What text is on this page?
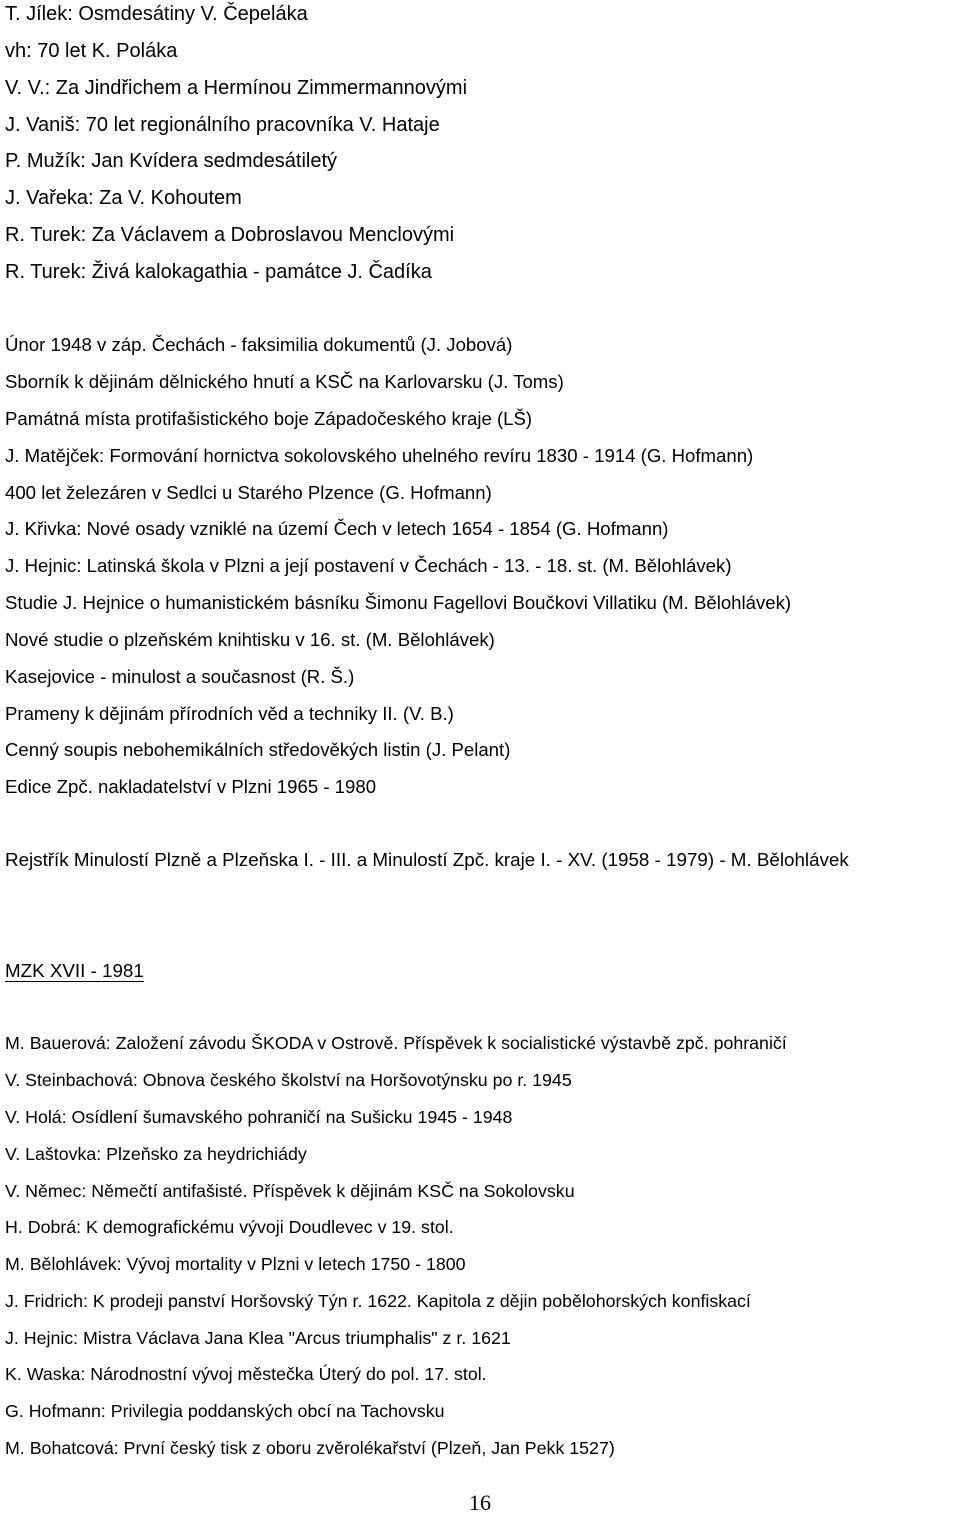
T. Jílek: Osmdesátiny V. Čepeláka
vh: 70 let K. Poláka
V. V.: Za Jindřichem a Hermínou Zimmermannovými
J. Vaniš: 70 let regionálního pracovníka V. Hataje
P. Mužík: Jan Kvídera sedmdesátiletý
J. Vařeka: Za V. Kohoutem
R. Turek: Za Václavem a Dobroslavou Menclovými
R. Turek: Živá kalokagathia - památce J. Čadíka
Únor 1948 v záp. Čechách - faksimilia dokumentů (J. Jobová)
Sborník k dějinám dělnického hnutí a KSČ na Karlovarsku (J. Toms)
Památná místa protifašistického boje Západočeského kraje (LŠ)
J. Matějček: Formování hornictva sokolovského uhelného revíru 1830 - 1914 (G. Hofmann)
400 let železáren v Sedlci u Starého Plzence (G. Hofmann)
J. Křivka: Nové osady vzniklé na území Čech v letech 1654 - 1854 (G. Hofmann)
J. Hejnic: Latinská škola v Plzni a její postavení v Čechách - 13. - 18. st. (M. Bělohlávek)
Studie J. Hejnice o humanistickém básníku Šimonu Fagellovi Boučkovi Villatiku (M. Bělohlávek)
Nové studie o plzeňském knihtisku v 16. st. (M. Bělohlávek)
Kasejovice - minulost a současnost (R. Š.)
Prameny k dějinám přírodních věd a techniky II. (V. B.)
Cenný soupis nebohemikálních středověkých listin (J. Pelant)
Edice Zpč. nakladatelství v Plzni 1965 - 1980
Rejstřík Minulostí Plzně a Plzeňska I. - III. a Minulostí Zpč. kraje I. - XV. (1958 - 1979) - M. Bělohlávek
MZK XVII - 1981
M. Bauerová: Založení závodu ŠKODA v Ostrově. Příspěvek k socialistické výstavbě zpč. pohraničí
V. Steinbachová: Obnova českého školství na Horšovotýnsku po r. 1945
V. Holá: Osídlení šumavského pohraničí na Sušicku 1945 - 1948
V. Laštovka: Plzeňsko za heydrichiády
V. Němec: Němečtí antifašisté. Příspěvek k dějinám KSČ na Sokolovsku
H. Dobrá: K demografickému vývoji Doudlevec v 19. stol.
M. Bělohlávek: Vývoj mortality v Plzni v letech 1750 - 1800
J. Fridrich: K prodeji panství Horšovský Týn r. 1622. Kapitola z dějin pobělohorských konfiskací
J. Hejnic: Mistra Václava Jana Klea "Arcus triumphalis" z r. 1621
K. Waska: Národnostní vývoj městečka Úterý do pol. 17. stol.
G. Hofmann: Privilegia poddanských obcí na Tachovsku
M. Bohatcová: První český tisk z oboru zvěrolékařství (Plzeň, Jan Pekk 1527)
16
